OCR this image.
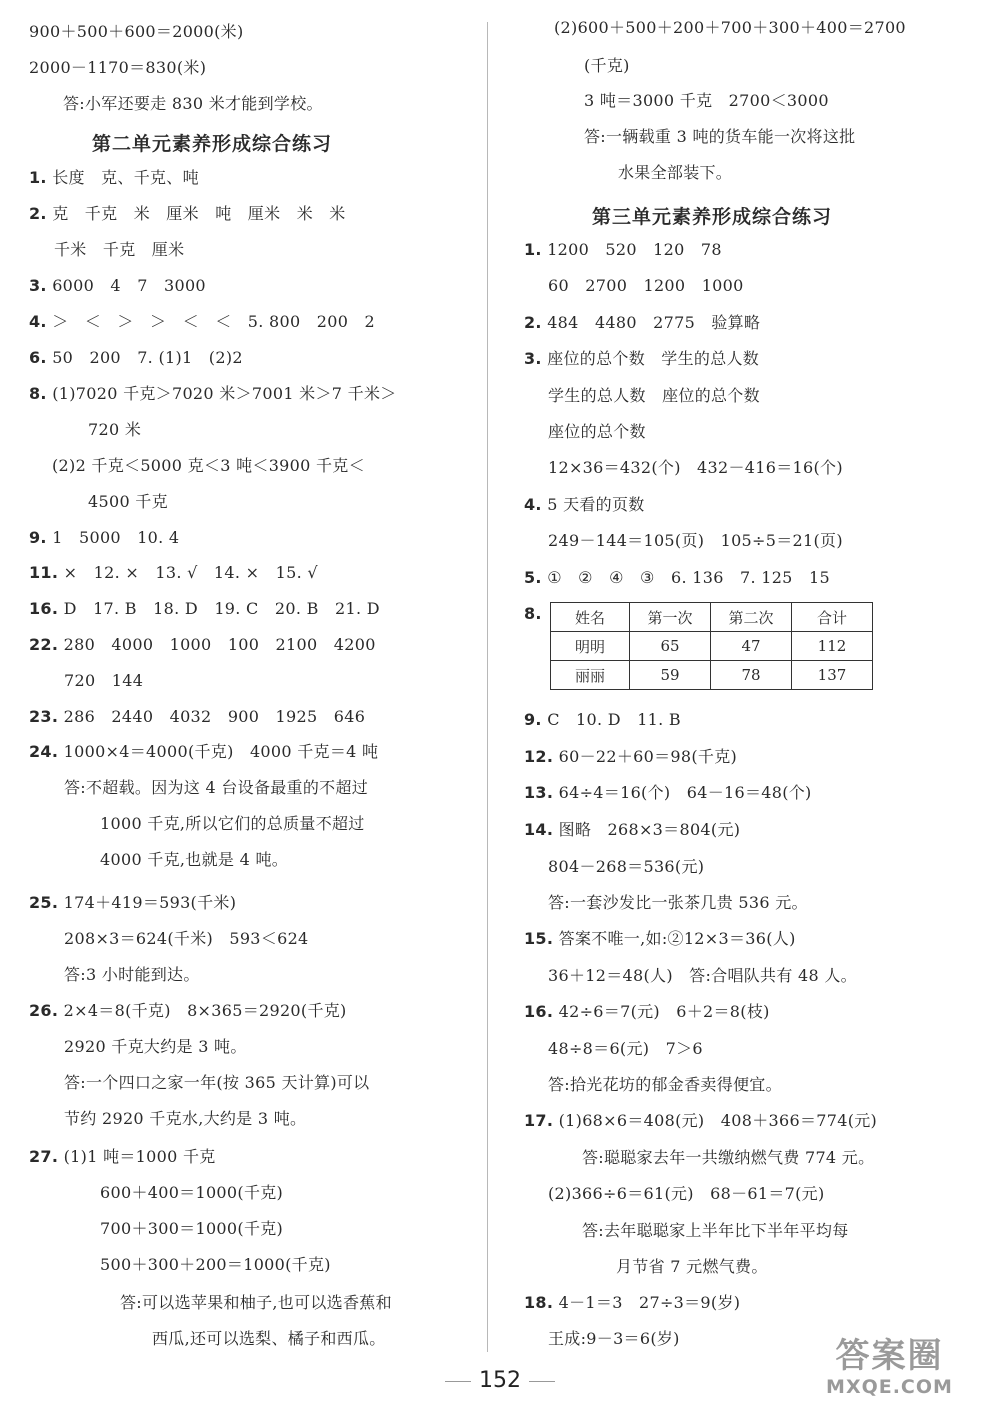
第二单元素养形成综合练习
900＋500＋600＝2000(米)
2000－1170＝830(米)
答:小军还要走 830 米才能到学校。
1. 长度　克、千克、吨
2. 克　千克　米　厘米　吨　厘米　米　米
千米　千克　厘米
3. 6000　4　7　3000
4. ＞　＜　＞　＞　＜　＜　5. 800　200　2
6. 50　200　7. (1)1　(2)2
8. (1)7020 千克＞7020 米＞7001 米＞7 千米＞
720 米
(2)2 千克＜5000 克＜3 吨＜3900 千克＜
4500 千克
9. 1　5000　10. 4
11. ×　12. ×　13. √　14. ×　15. √
16. D　17. B　18. D　19. C　20. B　21. D
22. 280　4000　1000　100　2100　4200
720　144
23. 286　2440　4032　900　1925　646
24. 1000×4＝4000(千克)　4000 千克＝4 吨
答:不超载。因为这 4 台设备最重的不超过
1000 千克,所以它们的总质量不超过
4000 千克,也就是 4 吨。
25. 174＋419＝593(千米)
208×3＝624(千米)　593＜624
答:3 小时能到达。
26. 2×4＝8(千克)　8×365＝2920(千克)
2920 千克大约是 3 吨。
答:一个四口之家一年(按 365 天计算)可以
节约 2920 千克水,大约是 3 吨。
27. (1)1 吨＝1000 千克
600＋400＝1000(千克)
700＋300＝1000(千克)
500＋300＋200＝1000(千克)
答:可以选苹果和柚子,也可以选香蕉和
西瓜,还可以选梨、橘子和西瓜。
第三单元素养形成综合练习
8. 姓名	第一次	第二次	合计
明明	65	47	112
丽丽	59	78	137
(2)600＋500＋200＋700＋300＋400＝2700
(千克)
3 吨＝3000 千克　2700＜3000
答:一辆载重 3 吨的货车能一次将这批
水果全部装下。
1. 1200　520　120　78
60　2700　1200　1000
2. 484　4480　2775　验算略
3. 座位的总个数　学生的总人数
学生的总人数　座位的总个数
座位的总个数
12×36＝432(个)　432－416＝16(个)
4. 5 天看的页数
249－144＝105(页)　105÷5＝21(页)
5. ①　②　④　③　6. 136　7. 125　15
9. C　10. D　11. B
12. 60－22＋60＝98(千克)
13. 64÷4＝16(个)　64－16＝48(个)
14. 图略　268×3＝804(元)
804－268＝536(元)
答:一套沙发比一张茶几贵 536 元。
15. 答案不唯一,如:②12×3＝36(人)
36＋12＝48(人)　答:合唱队共有 48 人。
16. 42÷6＝7(元)　6＋2＝8(枝)
48÷8＝6(元)　7＞6
答:拾光花坊的郁金香卖得便宜。
17. (1)68×6＝408(元)　408＋366＝774(元)
答:聪聪家去年一共缴纳燃气费 774 元。
(2)366÷6＝61(元)　68－61＝7(元)
答:去年聪聪家上半年比下半年平均每
月节省 7 元燃气费。
18. 4－1＝3　27÷3＝9(岁)
王成:9－3＝6(岁)
152
答案圈
MXQE.COM
